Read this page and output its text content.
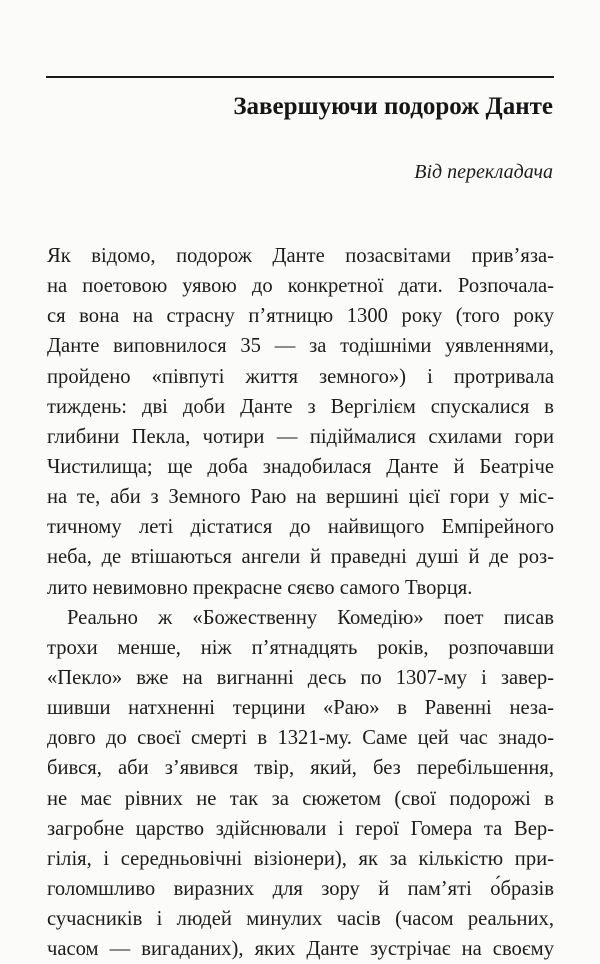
Завершуючи подорож Данте

Від перекладача

Як відомо, подорож Данте позасвітами прив’яза-
на поетовою уявою до конкретної дати. Розпочала-
ся вона на страсну п’ятницю 1300 року (того року
Данте виповнилося 35 — за тодішніми уявленнями,
пройдено «півпуті життя земного») і протривала
тиждень: дві доби Данте з Вергілієм спускалися в
глибини Пекла, чотири — підіймалися схилами гори
Чистилища; ще доба знадобилася Данте й Беатріче
на те, аби з Земного Раю на вершині цієї гори у міс-
тичному леті дістатися до найвищого Емпірейного
неба, де втішаються ангели й праведні душі й де роз-
лито невимовно прекрасне сяєво самого Творця.
Реально ж «Божественну Комедію» поет писав
трохи менше, ніж п’ятнадцять років, розпочавши
«Пекло» вже на вигнанні десь по 1307-му і завер-
шивши натхненні терцини «Раю» в Равенні неза-
довго до своєї смерті в 1321-му. Саме цей час знадо-
бився, аби з’явився твір, який, без перебільшення,
не має рівних не так за сюжетом (свої подорожі в
загробне царство здійснювали і герої Гомера та Вер-
гілія, і середньовічні візіонери), як за кількістю при-
голомшливо виразних для зору й пам’яті о́бразів
сучасників і людей минулих часів (часом реальних,
часом — вигаданих), яких Данте зустрічає на своєму
